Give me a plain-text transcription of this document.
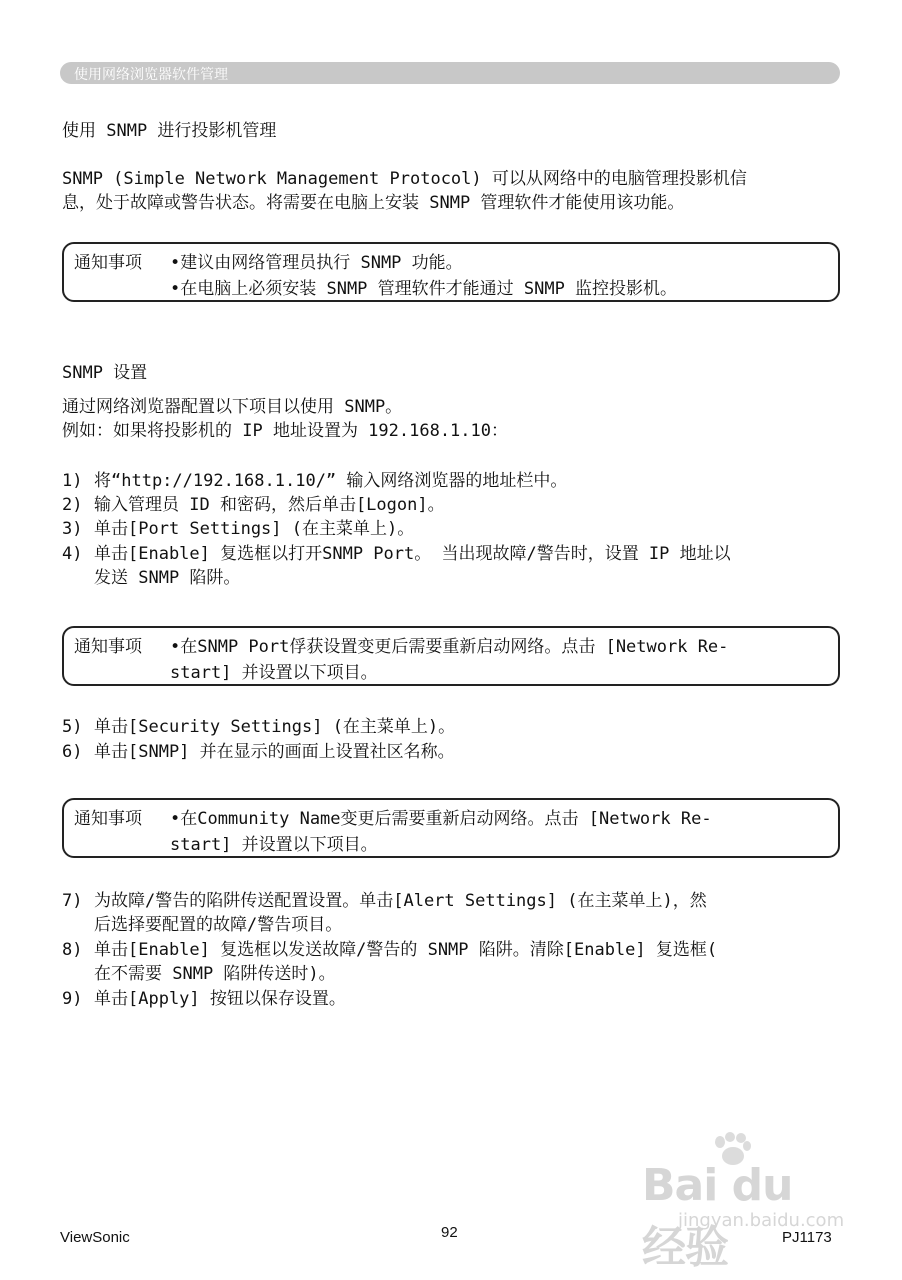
使用网络浏览器软件管理
使用 SNMP 进行投影机管理
SNMP (Simple Network Management Protocol) 可以从网络中的电脑管理投影机信
息，处于故障或警告状态。将需要在电脑上安装 SNMP 管理软件才能使用该功能。
通知事项 •建议由网络管理员执行 SNMP 功能。
•在电脑上必须安装 SNMP 管理软件才能通过 SNMP 监控投影机。
SNMP 设置
通过网络浏览器配置以下项目以使用 SNMP。
例如：如果将投影机的 IP 地址设置为 192.168.1.10：
1) 将“http://192.168.1.10/” 输入网络浏览器的地址栏中。
2) 输入管理员 ID 和密码，然后单击[Logon]。
3) 单击[Port Settings] (在主菜单上)。
4) 单击[Enable] 复选框以打开SNMP Port。 当出现故障/警告时，设置 IP 地址以
发送 SNMP 陷阱。
通知事项 •在SNMP Port俘获设置变更后需要重新启动网络。点击 [Network Re-
start] 并设置以下项目。
5) 单击[Security Settings] (在主菜单上)。
6) 单击[SNMP] 并在显示的画面上设置社区名称。
通知事项 •在Community Name变更后需要重新启动网络。点击 [Network Re-
start] 并设置以下项目。
7) 为故障/警告的陷阱传送配置设置。单击[Alert Settings] (在主菜单上)，然
后选择要配置的故障/警告项目。
8) 单击[Enable] 复选框以发送故障/警告的 SNMP 陷阱。清除[Enable] 复选框(
在不需要 SNMP 陷阱传送时)。
9) 单击[Apply] 按钮以保存设置。
Bai du 经验
jingyan.baidu.com
ViewSonic	92	PJ1173
